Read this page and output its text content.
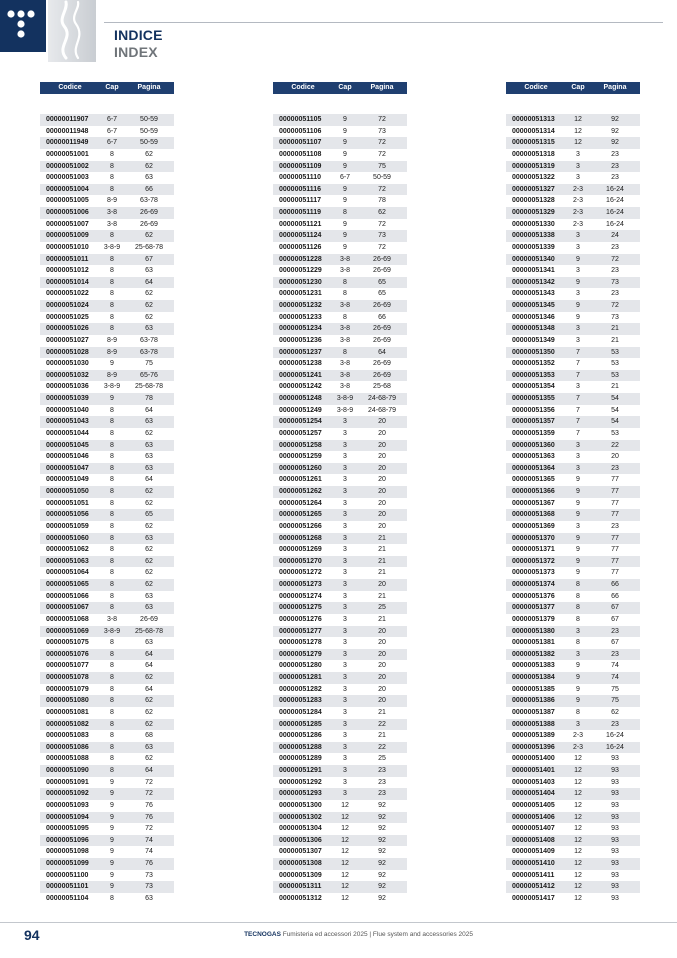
INDICE
INDEX
Codice	Cap	Pagina
00000011907	6-7	50-59
00000011948	6-7	50-59
00000011949	6-7	50-59
00000051001	8	62
00000051002	8	62
00000051003	8	63
00000051004	8	66
00000051005	8-9	63-78
00000051006	3-8	26-69
00000051007	3-8	26-69
00000051009	8	62
00000051010	3-8-9	25-68-78
00000051011	8	67
00000051012	8	63
00000051014	8	64
00000051022	8	62
00000051024	8	62
00000051025	8	62
00000051026	8	63
00000051027	8-9	63-78
00000051028	8-9	63-78
00000051030	9	75
00000051032	8-9	65-76
00000051036	3-8-9	25-68-78
00000051039	9	78
00000051040	8	64
00000051043	8	63
00000051044	8	62
00000051045	8	63
00000051046	8	63
00000051047	8	63
00000051049	8	64
00000051050	8	62
00000051051	8	62
00000051056	8	65
00000051059	8	62
00000051060	8	63
00000051062	8	62
00000051063	8	62
00000051064	8	62
00000051065	8	62
00000051066	8	63
00000051067	8	63
00000051068	3-8	26-69
00000051069	3-8-9	25-68-78
00000051075	8	63
00000051076	8	64
00000051077	8	64
00000051078	8	62
00000051079	8	64
00000051080	8	62
00000051081	8	62
00000051082	8	62
00000051083	8	68
00000051086	8	63
00000051088	8	62
00000051090	8	64
00000051091	9	72
00000051092	9	72
00000051093	9	76
00000051094	9	76
00000051095	9	72
00000051096	9	74
00000051098	9	74
00000051099	9	76
00000051100	9	73
00000051101	9	73
00000051104	8	63
Codice	Cap	Pagina
00000051105	9	72
00000051106	9	73
00000051107	9	72
00000051108	9	72
00000051109	9	75
00000051110	6-7	50-59
00000051116	9	72
00000051117	9	78
00000051119	8	62
00000051121	9	72
00000051124	9	73
00000051126	9	72
00000051228	3-8	26-69
00000051229	3-8	26-69
00000051230	8	65
00000051231	8	65
00000051232	3-8	26-69
00000051233	8	66
00000051234	3-8	26-69
00000051236	3-8	26-69
00000051237	8	64
00000051238	3-8	26-69
00000051241	3-8	26-69
00000051242	3-8	25-68
00000051248	3-8-9	24-68-79
00000051249	3-8-9	24-68-79
00000051254	3	20
00000051257	3	20
00000051258	3	20
00000051259	3	20
00000051260	3	20
00000051261	3	20
00000051262	3	20
00000051264	3	20
00000051265	3	20
00000051266	3	20
00000051268	3	21
00000051269	3	21
00000051270	3	21
00000051272	3	21
00000051273	3	20
00000051274	3	21
00000051275	3	25
00000051276	3	21
00000051277	3	20
00000051278	3	20
00000051279	3	20
00000051280	3	20
00000051281	3	20
00000051282	3	20
00000051283	3	20
00000051284	3	21
00000051285	3	22
00000051286	3	21
00000051288	3	22
00000051289	3	25
00000051291	3	23
00000051292	3	23
00000051293	3	23
00000051300	12	92
00000051302	12	92
00000051304	12	92
00000051306	12	92
00000051307	12	92
00000051308	12	92
00000051309	12	92
00000051311	12	92
00000051312	12	92
Codice	Cap	Pagina
00000051313	12	92
00000051314	12	92
00000051315	12	92
00000051318	3	23
00000051319	3	23
00000051322	3	23
00000051327	2-3	16-24
00000051328	2-3	16-24
00000051329	2-3	16-24
00000051330	2-3	16-24
00000051338	3	24
00000051339	3	23
00000051340	9	72
00000051341	3	23
00000051342	9	73
00000051343	3	23
00000051345	9	72
00000051346	9	73
00000051348	3	21
00000051349	3	21
00000051350	7	53
00000051352	7	53
00000051353	7	53
00000051354	3	21
00000051355	7	54
00000051356	7	54
00000051357	7	54
00000051359	7	53
00000051360	3	22
00000051363	3	20
00000051364	3	23
00000051365	9	77
00000051366	9	77
00000051367	9	77
00000051368	9	77
00000051369	3	23
00000051370	9	77
00000051371	9	77
00000051372	9	77
00000051373	9	77
00000051374	8	66
00000051376	8	66
00000051377	8	67
00000051379	8	67
00000051380	3	23
00000051381	8	67
00000051382	3	23
00000051383	9	74
00000051384	9	74
00000051385	9	75
00000051386	9	75
00000051387	8	62
00000051388	3	23
00000051389	2-3	16-24
00000051396	2-3	16-24
00000051400	12	93
00000051401	12	93
00000051403	12	93
00000051404	12	93
00000051405	12	93
00000051406	12	93
00000051407	12	93
00000051408	12	93
00000051409	12	93
00000051410	12	93
00000051411	12	93
00000051412	12	93
00000051417	12	93
94	TECNOGAS Fumisteria ed accessori 2025 | Flue system and accessories 2025
